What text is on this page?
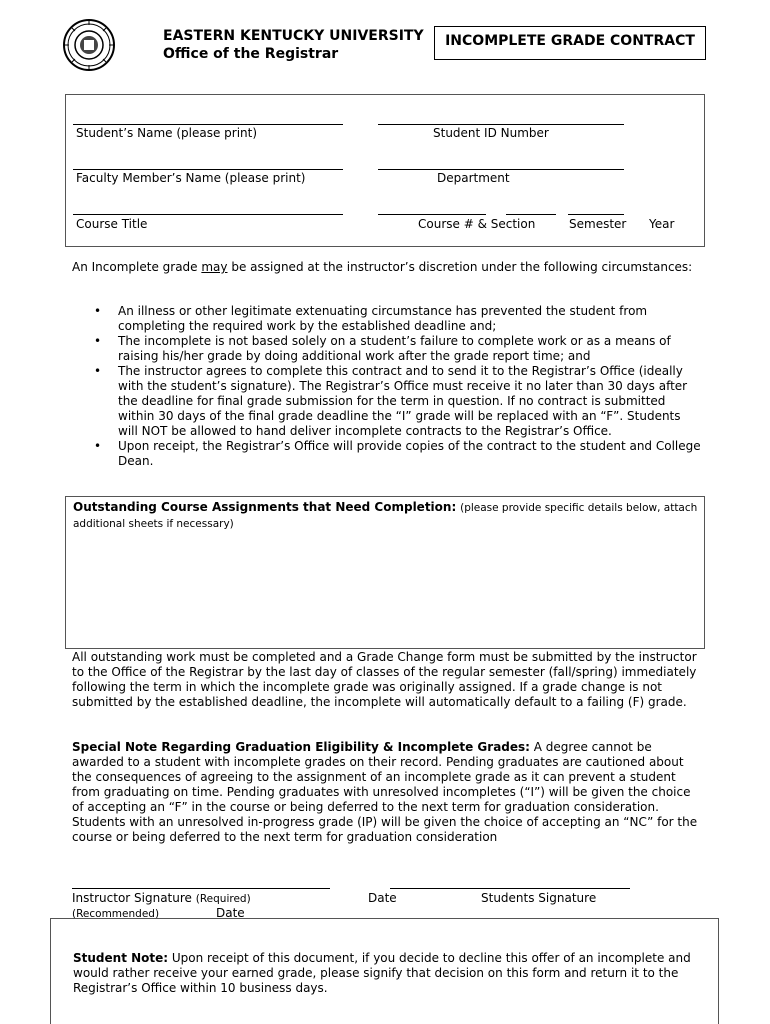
EASTERN KENTUCKY UNIVERSITY
Office of the Registrar
INCOMPLETE GRADE CONTRACT
Student’s Name (please print)	Student ID Number
Faculty Member’s Name (please print)	Department
Course Title	Course # & Section	Semester Year
An Incomplete grade may be assigned at the instructor’s discretion under the following circumstances:
• An illness or other legitimate extenuating circumstance has prevented the student from completing the required work by the established deadline and;
• The incomplete is not based solely on a student’s failure to complete work or as a means of raising his/her grade by doing additional work after the grade report time; and
• The instructor agrees to complete this contract and to send it to the Registrar’s Office (ideally with the student’s signature). The Registrar’s Office must receive it no later than 30 days after the deadline for final grade submission for the term in question. If no contract is submitted within 30 days of the final grade deadline the “I” grade will be replaced with an “F”. Students will NOT be allowed to hand deliver incomplete contracts to the Registrar’s Office.
• Upon receipt, the Registrar’s Office will provide copies of the contract to the student and College Dean.
Outstanding Course Assignments that Need Completion: (please provide specific details below, attach additional sheets if necessary)
All outstanding work must be completed and a Grade Change form must be submitted by the instructor to the Office of the Registrar by the last day of classes of the regular semester (fall/spring) immediately following the term in which the incomplete grade was originally assigned. If a grade change is not submitted by the established deadline, the incomplete will automatically default to a failing (F) grade.
Special Note Regarding Graduation Eligibility & Incomplete Grades: A degree cannot be awarded to a student with incomplete grades on their record. Pending graduates are cautioned about the consequences of agreeing to the assignment of an incomplete grade as it can prevent a student from graduating on time. Pending graduates with unresolved incompletes (“I”) will be given the choice of accepting an “F” in the course or being deferred to the next term for graduation consideration. Students with an unresolved in-progress grade (IP) will be given the choice of accepting an “NC” for the course or being deferred to the next term for graduation consideration
Instructor Signature (Required)	Date	Students Signature
(Recommended)	Date
Student Note: Upon receipt of this document, if you decide to decline this offer of an incomplete and would rather receive your earned grade, please signify that decision on this form and return it to the Registrar’s Office within 10 business days.
